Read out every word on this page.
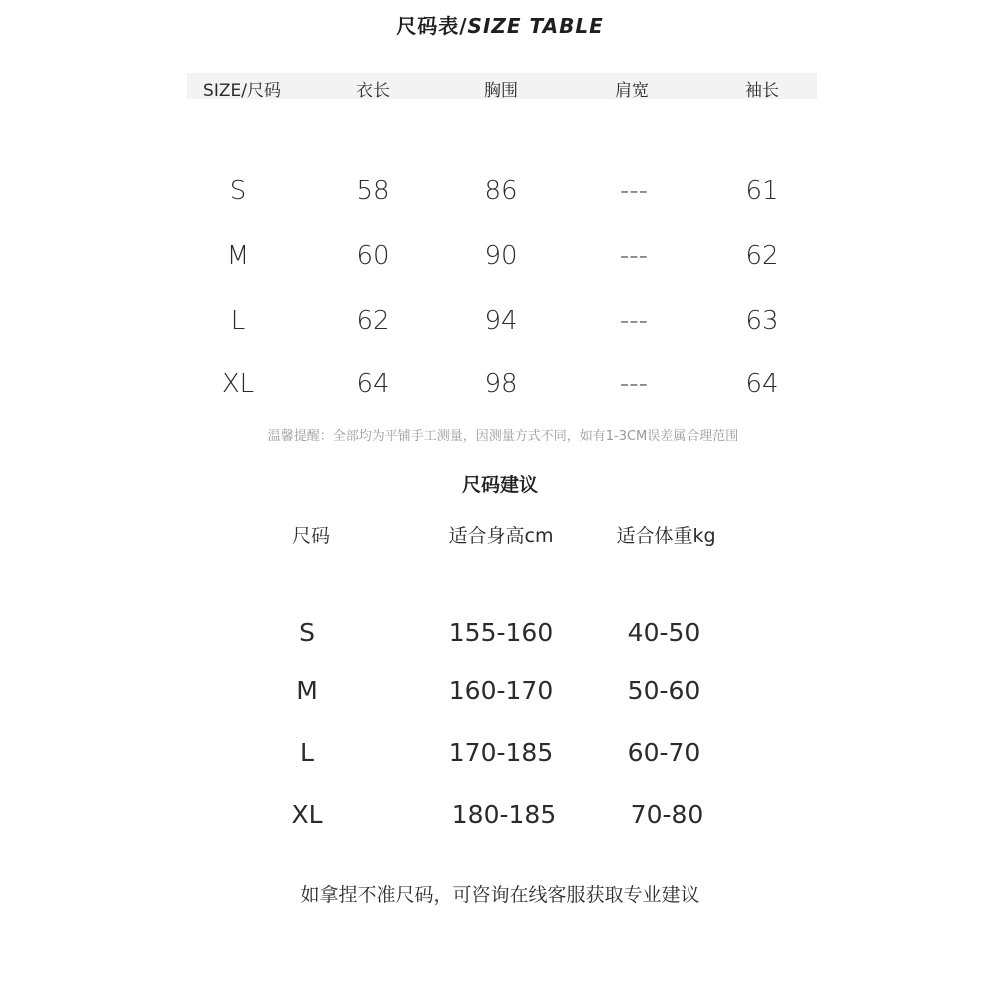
尺码表/SIZE TABLE
SIZE/尺码	衣长	胸围	肩宽	袖长
S	58	86	---	61
M	60	90	---	62
L	62	94	---	63
XL	64	98	---	64
温馨提醒：全部均为平铺手工测量，因测量方式不同，如有1-3CM误差属合理范围
尺码建议
尺码	适合身高cm	适合体重kg
S	155-160	40-50
M	160-170	50-60
L	170-185	60-70
XL	180-185	70-80
如拿捏不准尺码，可咨询在线客服获取专业建议
